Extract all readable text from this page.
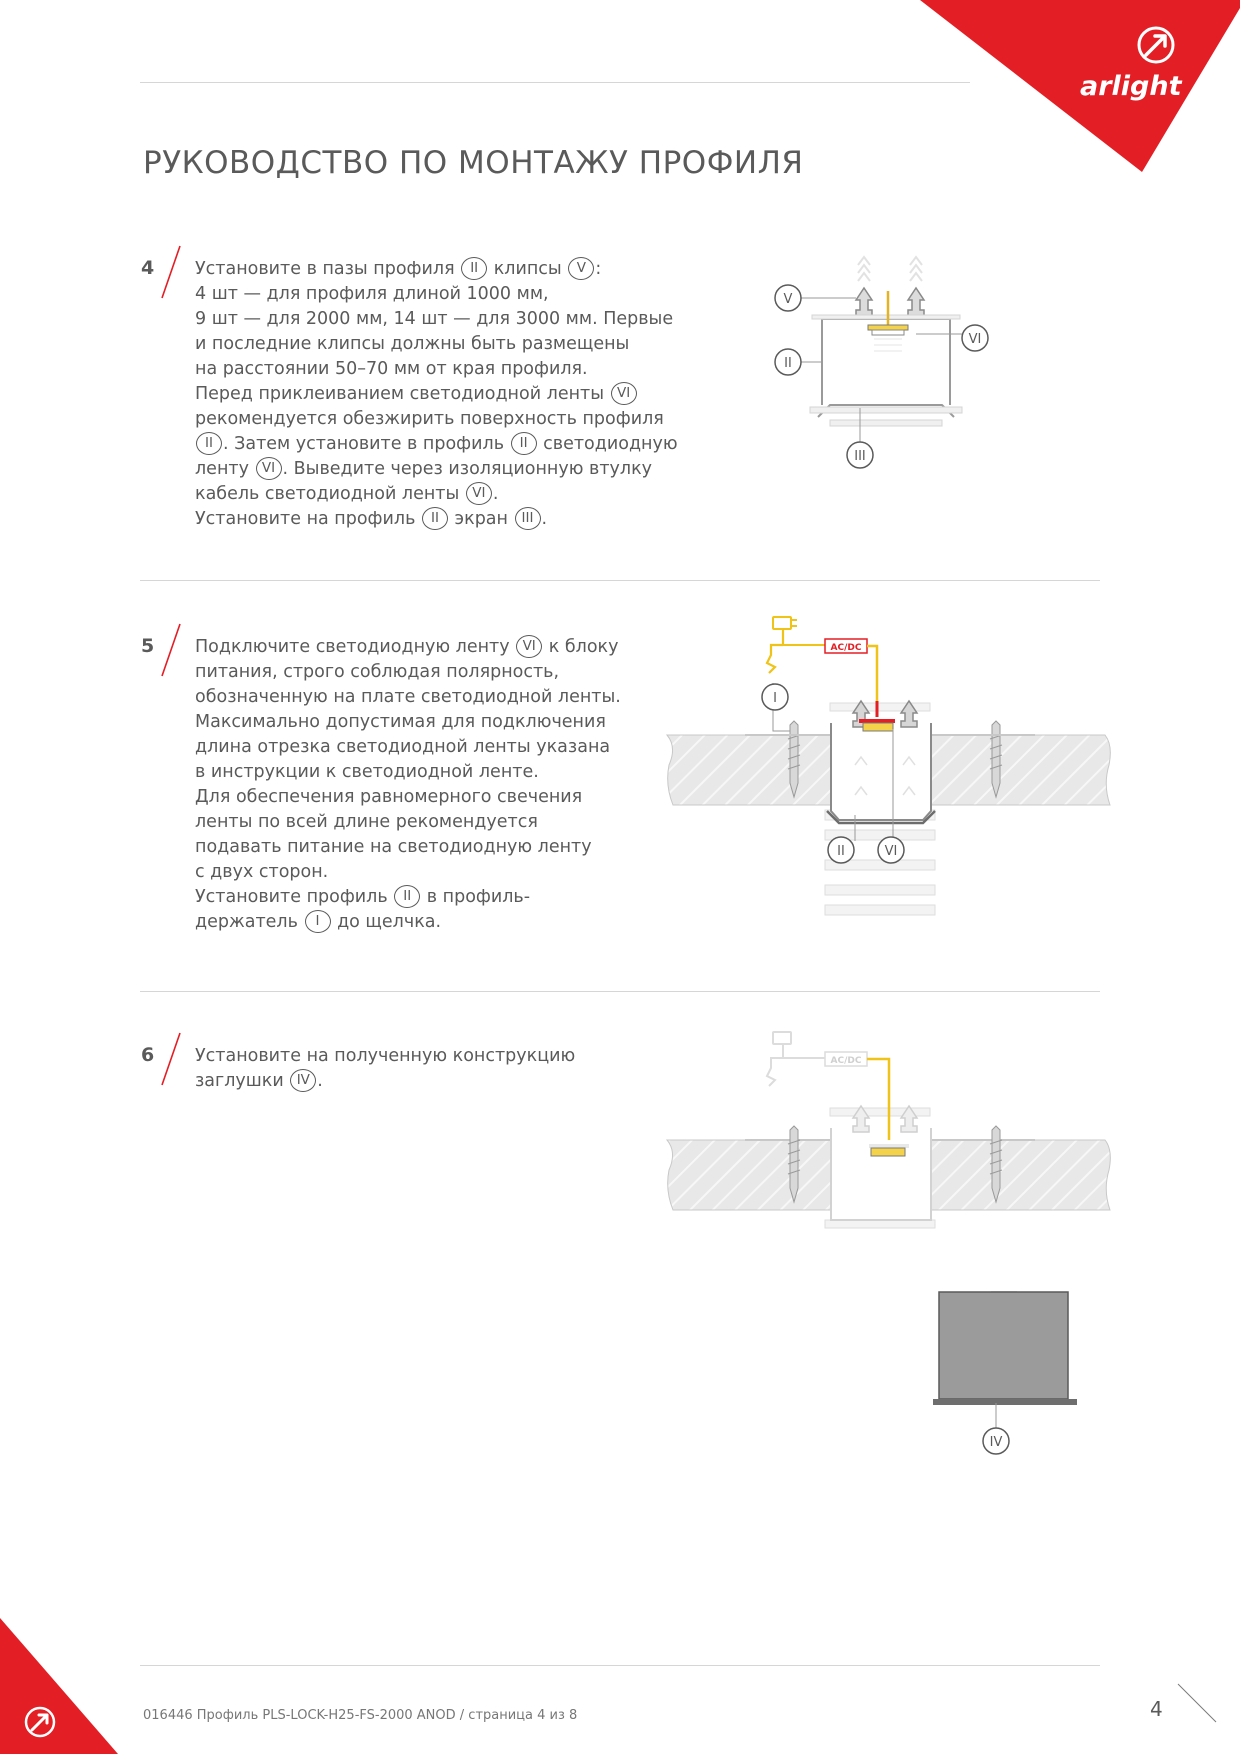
arlight
РУКОВОДСТВО ПО МОНТАЖУ ПРОФИЛЯ
4 Установите в пазы профиля II клипсы V :
4 шт — для профиля длиной 1000 мм,
9 шт — для 2000 мм, 14 шт — для 3000 мм. Первые
и последние клипсы должны быть размещены
на расстоянии 50–70 мм от края профиля.
Перед приклеиванием светодиодной ленты VI
рекомендуется обезжирить поверхность профиля
II . Затем установите в профиль II светодиодную
ленту VI . Выведите через изоляционную втулку
кабель светодиодной ленты VI .
Установите на профиль II экран III .
V
II
VI
III
5 Подключите светодиодную ленту VI к блоку
питания, строго соблюдая полярность,
обозначенную на плате светодиодной ленты.
Максимально допустимая для подключения
длина отрезка светодиодной ленты указана
в инструкции к светодиодной ленте.
Для обеспечения равномерного свечения
ленты по всей длине рекомендуется
подавать питание на светодиодную ленту
с двух сторон.
Установите профиль II в профиль-
держатель I до щелчка.
AC/DC
I
II	VI
6 Установите на полученную конструкцию
заглушки IV .
AC/DC
IV
016446 Профиль PLS-LOCK-H25-FS-2000 ANOD / страница 4 из 8	4
